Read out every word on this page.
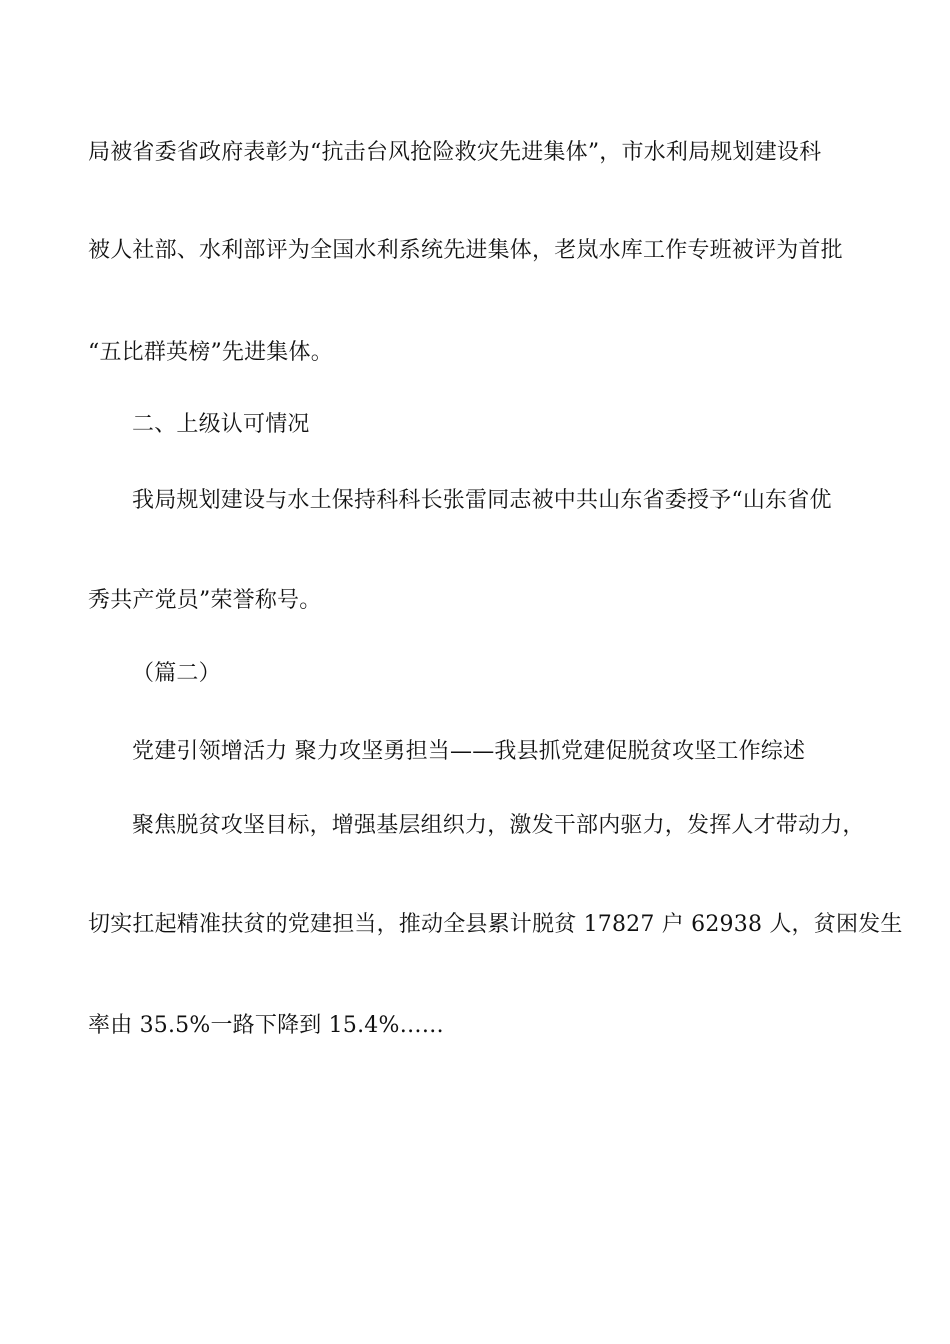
局被省委省政府表彰为“抗击台风抢险救灾先进集体”，市水利局规划建设科
被人社部、水利部评为全国水利系统先进集体，老岚水库工作专班被评为首批
“五比群英榜”先进集体。
二、上级认可情况
我局规划建设与水土保持科科长张雷同志被中共山东省委授予“山东省优
秀共产党员”荣誉称号。
（篇二）
党建引领增活力 聚力攻坚勇担当——我县抓党建促脱贫攻坚工作综述
聚焦脱贫攻坚目标，增强基层组织力，激发干部内驱力，发挥人才带动力，
切实扛起精准扶贫的党建担当，推动全县累计脱贫 17827 户 62938 人，贫困发生
率由 35.5%一路下降到 15.4%……
